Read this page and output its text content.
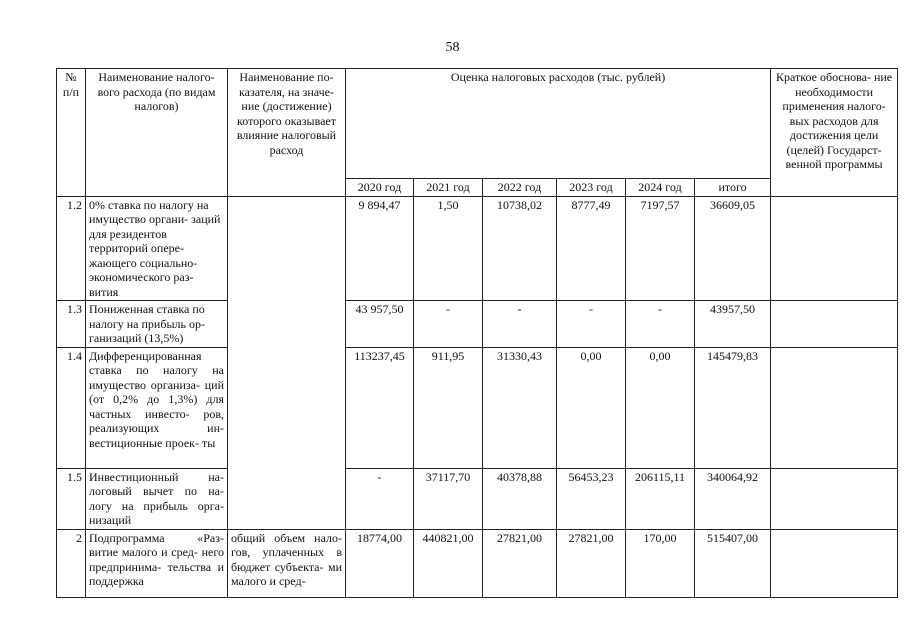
58
№ п/п	Наименование налого- вого расхода (по видам налогов)	Наименование по- казателя, на значе- ние (достижение) которого оказывает влияние налоговый расход	Оценка налоговых расходов (тыс. рублей)						Краткое обоснова- ние необходимости применения налого- вых расходов для достижения цели (целей) Государст- венной программы
			2020 год	2021 год	2022 год	2023 год	2024 год	итого	
1.2	0% ставка по налогу на имущество органи- заций для резидентов территорий опере- жающего социально- экономического раз- вития		9 894,47	1,50	10738,02	8777,49	7197,57	36609,05	
1.3	Пониженная ставка по налогу на прибыль ор- ганизаций (13,5%)		43 957,50	-	-	-	-	43957,50	
1.4	Дифференцированная ставка по налогу на имущество организа- ций (от 0,2% до 1,3%) для частных инвесто- ров, реализующих ин- вестиционные проек- ты		113237,45	911,95	31330,43	0,00	0,00	145479,83	
1.5	Инвестиционный на- логовый вычет по на- логу на прибыль орга- низаций		-	37117,70	40378,88	56453,23	206115,11	340064,92	
2	Подпрограмма «Раз- витие малого и сред- него предпринима- тельства и поддержка	общий объем нало- гов, уплаченных в бюджет субъекта- ми малого и сред-	18774,00	440821,00	27821,00	27821,00	170,00	515407,00	
